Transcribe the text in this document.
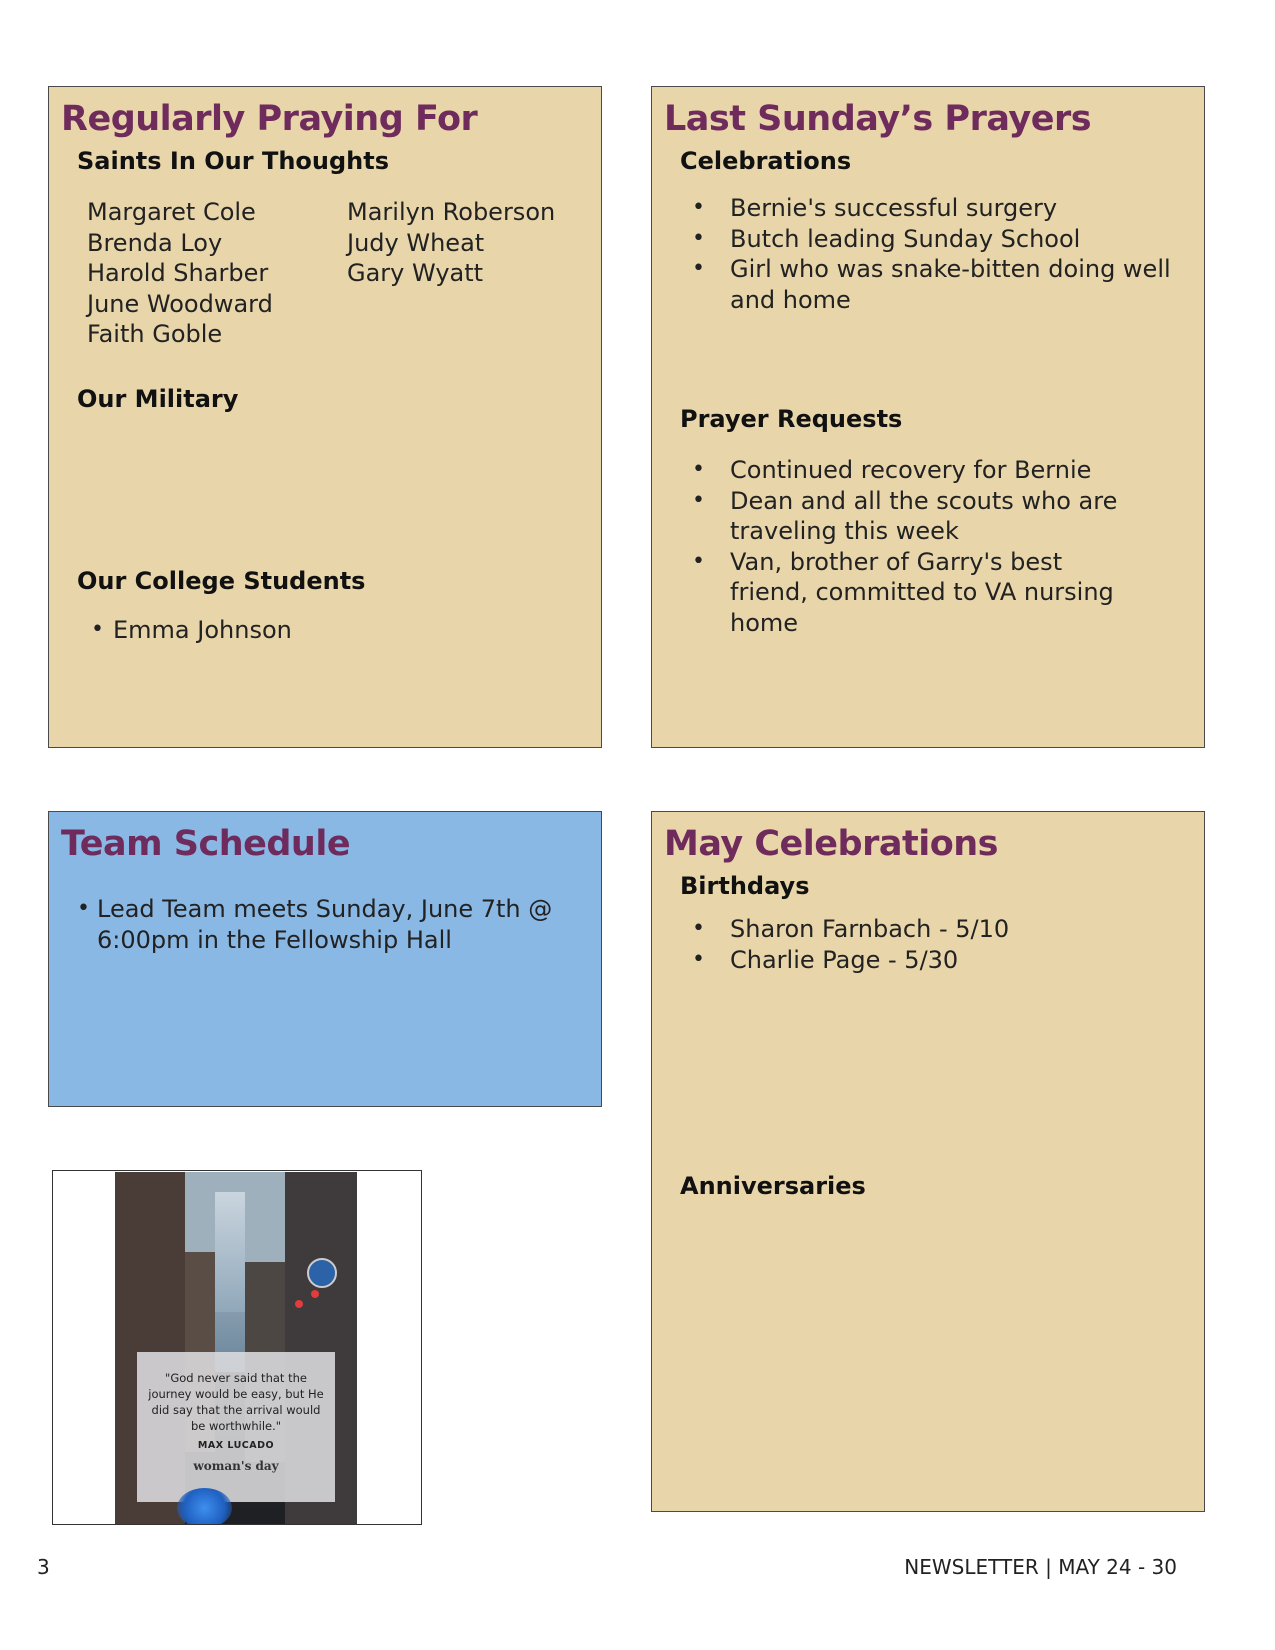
Regularly Praying For
Saints In Our Thoughts
Margaret Cole
Brenda Loy
Harold Sharber
June Woodward
Faith Goble
Marilyn Roberson
Judy Wheat
Gary Wyatt
Our Military
Our College Students
• Emma Johnson
Last Sunday’s Prayers
Celebrations
• Bernie's successful surgery
• Butch leading Sunday School
• Girl who was snake-bitten doing well and home
Prayer Requests
• Continued recovery for Bernie
• Dean and all the scouts who are traveling this week
• Van, brother of Garry's best friend, committed to VA nursing home
Team Schedule
• Lead Team meets Sunday, June 7th @ 6:00pm in the Fellowship Hall
May Celebrations
Birthdays
• Sharon Farnbach - 5/10
• Charlie Page - 5/30
Anniversaries
"God never said that the journey would be easy, but He did say that the arrival would be worthwhile."
MAX LUCADO
woman's day
3	NEWSLETTER | MAY 24 - 30
